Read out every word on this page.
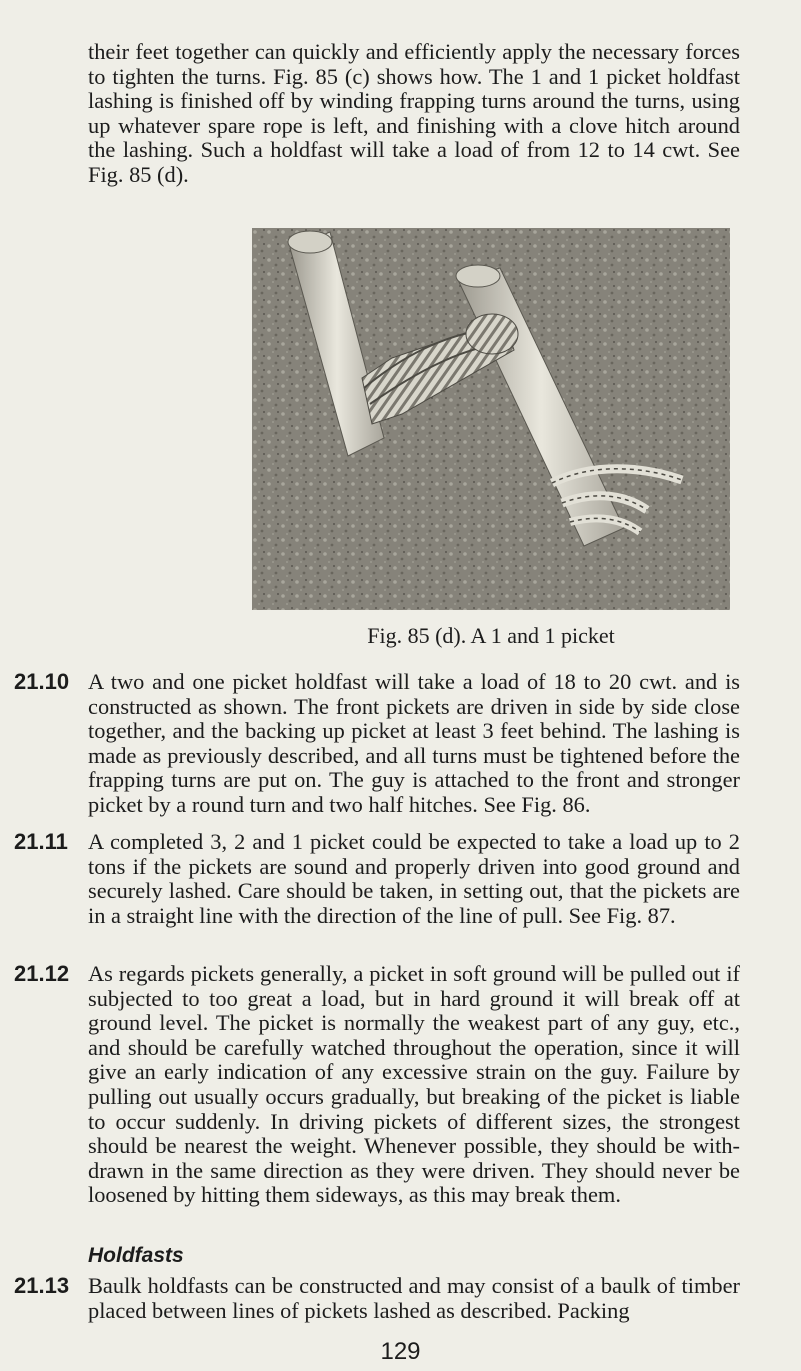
their feet together can quickly and efficiently apply the necessary forces to tighten the turns. Fig. 85 (c) shows how. The 1 and 1 picket holdfast lashing is finished off by winding frapping turns around the turns, using up whatever spare rope is left, and finishing with a clove hitch around the lashing. Such a holdfast will take a load of from 12 to 14 cwt. See Fig. 85 (d).

Fig. 85 (d). A 1 and 1 picket

21.10 A two and one picket holdfast will take a load of 18 to 20 cwt. and is constructed as shown. The front pickets are driven in side by side close together, and the backing up picket at least 3 feet behind. The lashing is made as previously described, and all turns must be tightened before the frapping turns are put on. The guy is attached to the front and stronger picket by a round turn and two half hitches. See Fig. 86.

21.11 A completed 3, 2 and 1 picket could be expected to take a load up to 2 tons if the pickets are sound and properly driven into good ground and securely lashed. Care should be taken, in setting out, that the pickets are in a straight line with the direction of the line of pull. See Fig. 87.

21.12 As regards pickets generally, a picket in soft ground will be pulled out if subjected to too great a load, but in hard ground it will break off at ground level. The picket is normally the weakest part of any guy, etc., and should be carefully watched throughout the operation, since it will give an early indication of any excessive strain on the guy. Failure by pulling out usually occurs gradually, but breaking of the picket is liable to occur suddenly. In driving pickets of different sizes, the strongest should be nearest the weight. Whenever possible, they should be with-drawn in the same direction as they were driven. They should never be loosened by hitting them sideways, as this may break them.

Holdfasts
21.13 Baulk holdfasts can be constructed and may consist of a baulk of timber placed between lines of pickets lashed as described. Packing

129
